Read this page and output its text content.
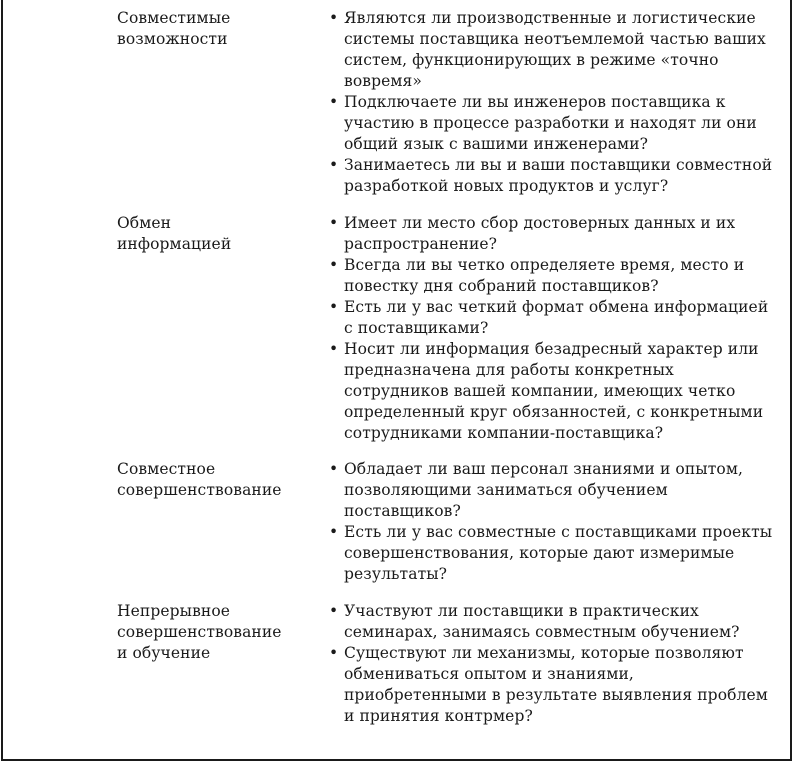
Совместимые
возможности
• Являются ли производственные и логистические системы поставщика неотъемлемой частью ваших систем, функционирующих в режиме «точно вовремя»
• Подключаете ли вы инженеров поставщика к участию в процессе разработки и находят ли они общий язык с вашими инженерами?
• Занимаетесь ли вы и ваши поставщики совместной разработкой новых продуктов и услуг?
Обмен
информацией
• Имеет ли место сбор достоверных данных и их распространение?
• Всегда ли вы четко определяете время, место и повестку дня собраний поставщиков?
• Есть ли у вас четкий формат обмена информацией с поставщиками?
• Носит ли информация безадресный характер или предназначена для работы конкретных сотрудников вашей компании, имеющих четко определенный круг обязанностей, с конкретными сотрудниками компании-поставщика?
Совместное
совершенствование
• Обладает ли ваш персонал знаниями и опытом, позволяющими заниматься обучением поставщиков?
• Есть ли у вас совместные с поставщиками проекты совершенствования, которые дают измеримые результаты?
Непрерывное
совершенствование
и обучение
• Участвуют ли поставщики в практических семинарах, занимаясь совместным обучением?
• Существуют ли механизмы, которые позволяют обмениваться опытом и знаниями, приобретенными в результате выявления проблем и принятия контрмер?
